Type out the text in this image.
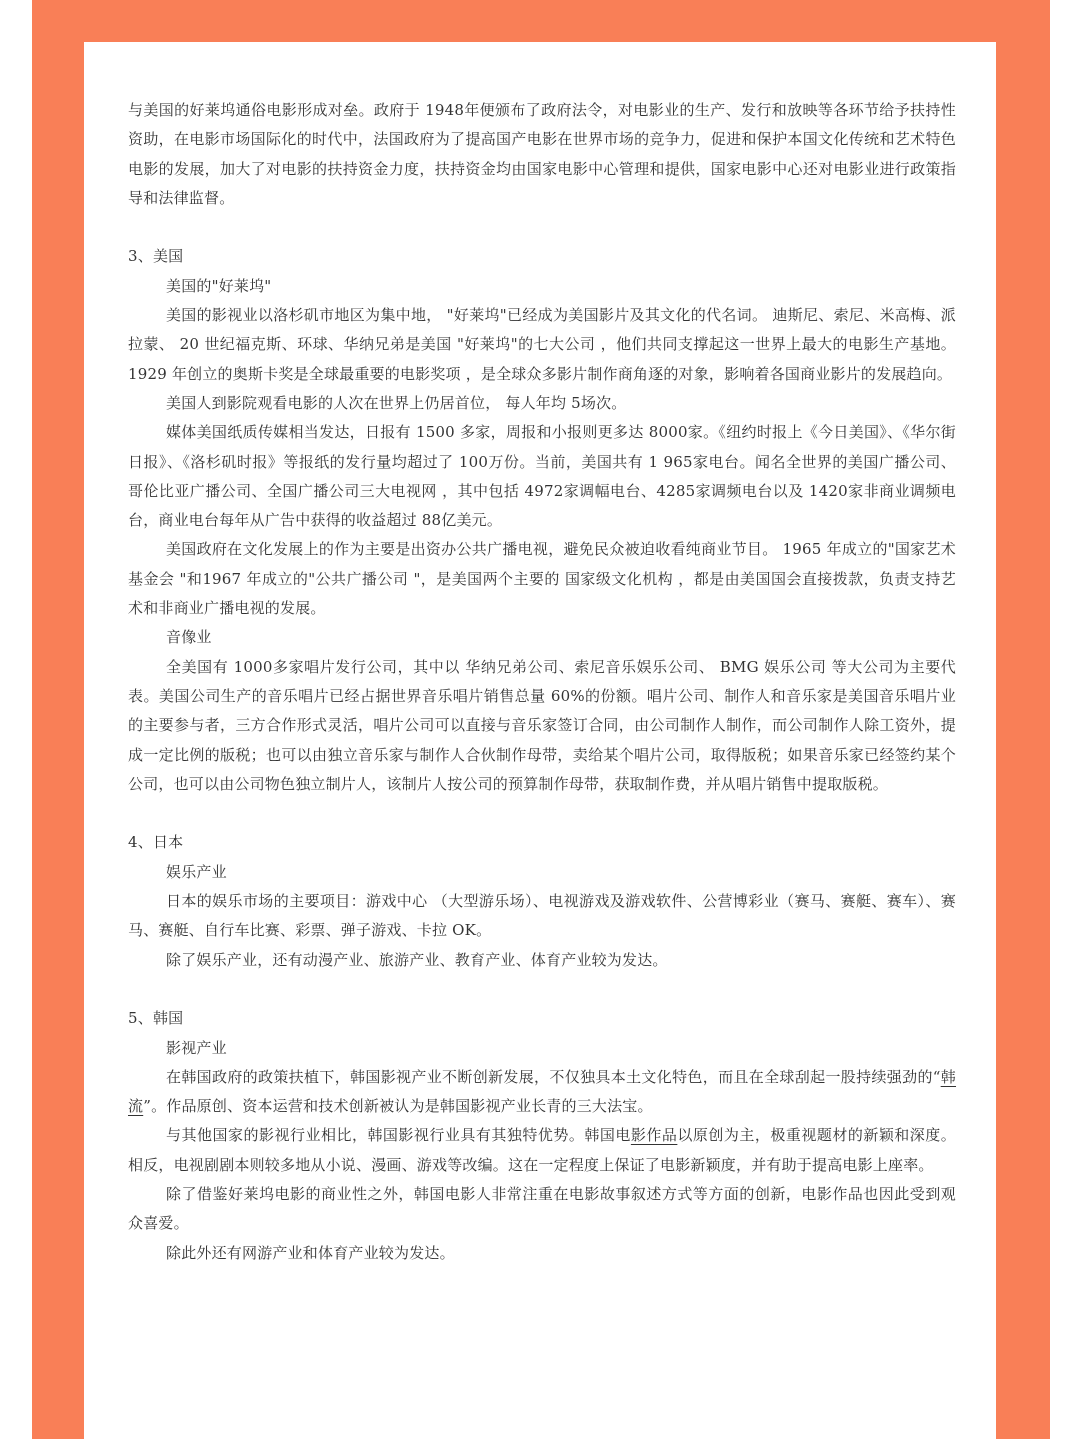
与美国的好莱坞通俗电影形成对垒。政府于 1948年便颁布了政府法令，对电影业的生产、发行和放映等各环节给予扶持性资助，在电影市场国际化的时代中，法国政府为了提高国产电影在世界市场的竞争力，促进和保护本国文化传统和艺术特色电影的发展，加大了对电影的扶持资金力度，扶持资金均由国家电影中心管理和提供，国家电影中心还对电影业进行政策指导和法律监督。

3、美国

美国的"好莱坞"

美国的影视业以洛杉矶市地区为集中地， "好莱坞"已经成为美国影片及其文化的代名词。 迪斯尼、索尼、米高梅、派拉蒙、 20 世纪福克斯、环球、华纳兄弟是美国 "好莱坞"的七大公司 ，他们共同支撑起这一世界上最大的电影生产基地。 1929 年创立的奥斯卡奖是全球最重要的电影奖项 ，是全球众多影片制作商角逐的对象，影响着各国商业影片的发展趋向。

美国人到影院观看电影的人次在世界上仍居首位， 每人年均 5场次。

媒体美国纸质传媒相当发达，日报有 1500 多家，周报和小报则更多达 8000家。《纽约时报上《今日美国》、《华尔街日报》、《洛杉矶时报》等报纸的发行量均超过了 100万份。当前，美国共有 1 965家电台。闻名全世界的美国广播公司、 哥伦比亚广播公司、全国广播公司三大电视网 ，其中包括 4972家调幅电台、4285家调频电台以及 1420家非商业调频电台，商业电台每年从广告中获得的收益超过 88亿美元。

美国政府在文化发展上的作为主要是出资办公共广播电视，避免民众被迫收看纯商业节目。 1965 年成立的"国家艺术基金会 "和1967 年成立的"公共广播公司 "，是美国两个主要的 国家级文化机构 ，都是由美国国会直接拨款，负责支持艺术和非商业广播电视的发展。

音像业

全美国有 1000多家唱片发行公司，其中以 华纳兄弟公司、索尼音乐娱乐公司、 BMG 娱乐公司 等大公司为主要代表。美国公司生产的音乐唱片已经占据世界音乐唱片销售总量 60%的份额。唱片公司、制作人和音乐家是美国音乐唱片业的主要参与者，三方合作形式灵活，唱片公司可以直接与音乐家签订合同，由公司制作人制作，而公司制作人除工资外，提成一定比例的版税；也可以由独立音乐家与制作人合伙制作母带，卖给某个唱片公司，取得版税；如果音乐家已经签约某个公司，也可以由公司物色独立制片人，该制片人按公司的预算制作母带，获取制作费，并从唱片销售中提取版税。

4、日本

娱乐产业

日本的娱乐市场的主要项目：游戏中心 （大型游乐场）、电视游戏及游戏软件、公营博彩业（赛马、赛艇、赛车）、赛马、赛艇、自行车比赛、彩票、弹子游戏、卡拉 OK。

除了娱乐产业，还有动漫产业、旅游产业、教育产业、体育产业较为发达。

5、韩国

影视产业

在韩国政府的政策扶植下，韩国影视产业不断创新发展，不仅独具本土文化特色，而且在全球刮起一股持续强劲的“韩流”。作品原创、资本运营和技术创新被认为是韩国影视产业长青的三大法宝。

与其他国家的影视行业相比，韩国影视行业具有其独特优势。韩国电影作品以原创为主，极重视题材的新颖和深度。相反，电视剧剧本则较多地从小说、漫画、游戏等改编。这在一定程度上保证了电影新颖度，并有助于提高电影上座率。

除了借鉴好莱坞电影的商业性之外，韩国电影人非常注重在电影故事叙述方式等方面的创新，电影作品也因此受到观众喜爱。

除此外还有网游产业和体育产业较为发达。
